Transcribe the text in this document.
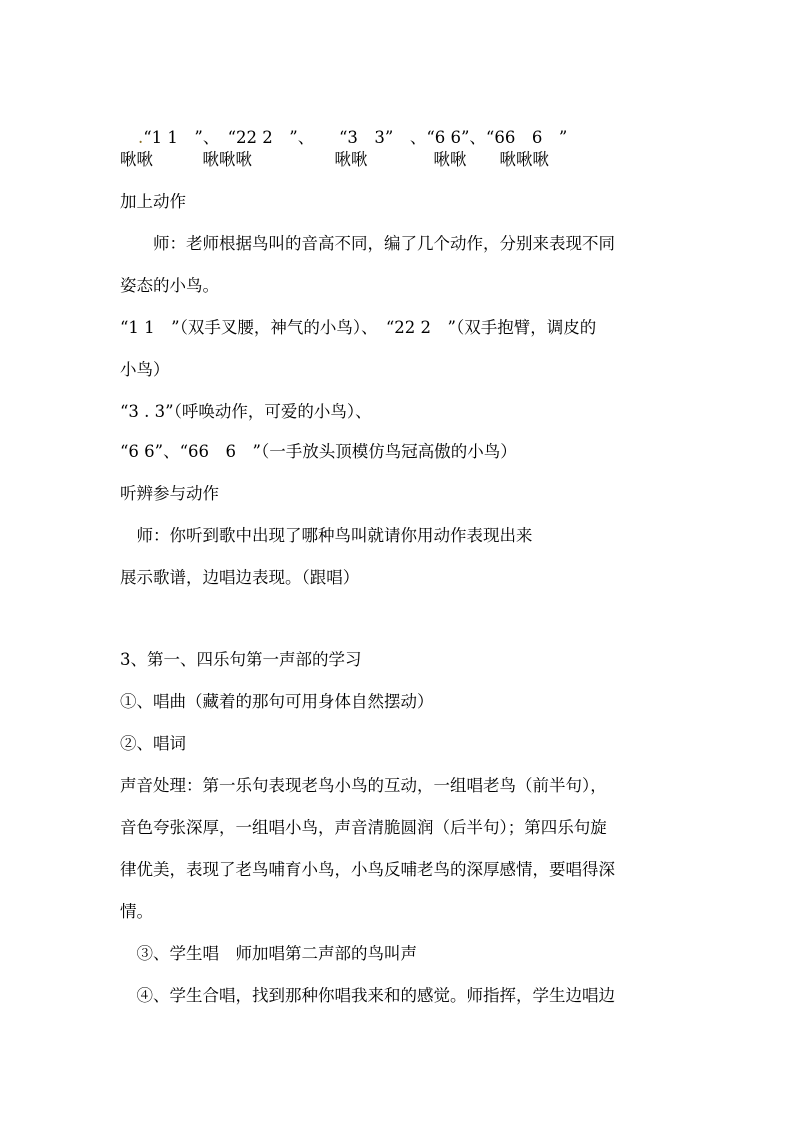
.“1 1　”、　“22 2　”、　　“3　3”　、“6 6”、“66　6　”

啾啾　　　啾啾啾　　　　　啾啾　　　　啾啾　　啾啾啾
加上动作
　　师：老师根据鸟叫的音高不同，编了几个动作，分别来表现不同
姿态的小鸟。
“1 1　”（双手叉腰，神气的小鸟）、　“22 2　”（双手抱臂，调皮的
小鸟）
“3 . 3”（呼唤动作，可爱的小鸟）、
“6 6”、“66　6　”（一手放头顶模仿鸟冠高傲的小鸟）
听辨参与动作
　师：你听到歌中出现了哪种鸟叫就请你用动作表现出来
展示歌谱，边唱边表现。（跟唱）
3、第一、四乐句第一声部的学习
①、唱曲（藏着的那句可用身体自然摆动）
②、唱词
声音处理：第一乐句表现老鸟小鸟的互动，一组唱老鸟（前半句），
音色夸张深厚，一组唱小鸟，声音清脆圆润（后半句）；第四乐句旋
律优美，表现了老鸟哺育小鸟，小鸟反哺老鸟的深厚感情，要唱得深
情。
　③、学生唱　师加唱第二声部的鸟叫声
　④、学生合唱，找到那种你唱我来和的感觉。师指挥，学生边唱边
